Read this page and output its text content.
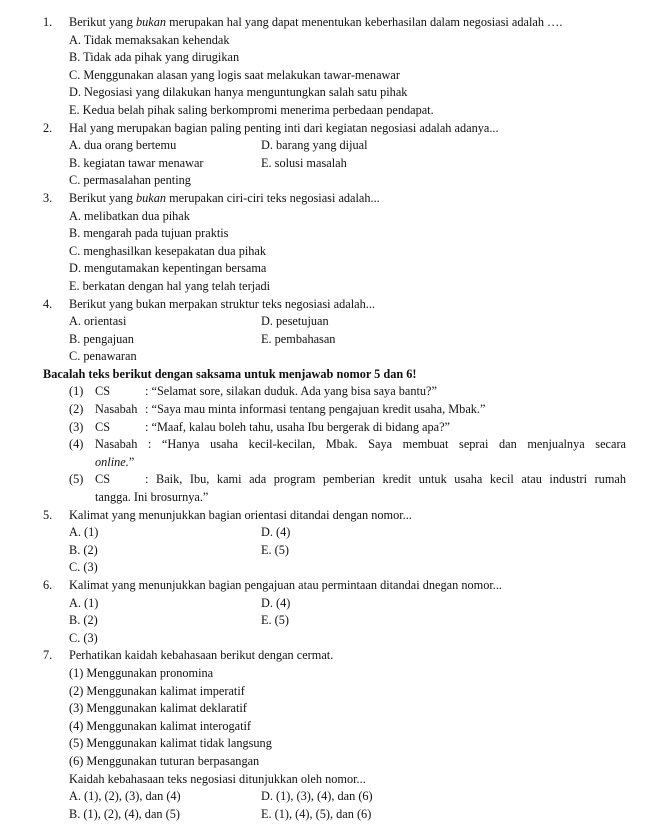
1. Berikut yang bukan merupakan hal yang dapat menentukan keberhasilan dalam negosiasi adalah ….
A. Tidak memaksakan kehendak
B. Tidak ada pihak yang dirugikan
C. Menggunakan alasan yang logis saat melakukan tawar-menawar
D. Negosiasi yang dilakukan hanya menguntungkan salah satu pihak
E. Kedua belah pihak saling berkompromi menerima perbedaan pendapat.
2. Hal yang merupakan bagian paling penting inti dari kegiatan negosiasi adalah adanya...
A. dua orang bertemu	D. barang yang dijual
B. kegiatan tawar menawar	E. solusi masalah
C. permasalahan penting
3. Berikut yang bukan merupakan ciri-ciri teks negosiasi adalah...
A. melibatkan dua pihak
B. mengarah pada tujuan praktis
C. menghasilkan kesepakatan dua pihak
D. mengutamakan kepentingan bersama
E. berkatan dengan hal yang telah terjadi
4. Berikut yang bukan merpakan struktur teks negosiasi adalah...
A. orientasi	D. pesetujuan
B. pengajuan	E. pembahasan
C. penawaran
Bacalah teks berikut dengan saksama untuk menjawab nomor 5 dan 6!
(1) CS	: “Selamat sore, silakan duduk. Ada yang bisa saya bantu?”
(2) Nasabah : “Saya mau minta informasi tentang pengajuan kredit usaha, Mbak.”
(3) CS	: “Maaf, kalau boleh tahu, usaha Ibu bergerak di bidang apa?”
(4) Nasabah : “Hanya usaha kecil-kecilan, Mbak. Saya membuat seprai dan menjualnya secara
online.”
(5) CS	: Baik, Ibu, kami ada program pemberian kredit untuk usaha kecil atau industri rumah
tangga. Ini brosurnya.”
5. Kalimat yang menunjukkan bagian orientasi ditandai dengan nomor...
A. (1)	D. (4)
B. (2)	E. (5)
C. (3)
6. Kalimat yang menunjukkan bagian pengajuan atau permintaan ditandai dnegan nomor...
A. (1)	D. (4)
B. (2)	E. (5)
C. (3)
7. Perhatikan kaidah kebahasaan berikut dengan cermat.
(1) Menggunakan pronomina
(2) Menggunakan kalimat imperatif
(3) Menggunakan kalimat deklaratif
(4) Menggunakan kalimat interogatif
(5) Menggunakan kalimat tidak langsung
(6) Menggunakan tuturan berpasangan
Kaidah kebahasaan teks negosiasi ditunjukkan oleh nomor...
A. (1), (2), (3), dan (4)	D. (1), (3), (4), dan (6)
B. (1), (2), (4), dan (5)	E. (1), (4), (5), dan (6)
